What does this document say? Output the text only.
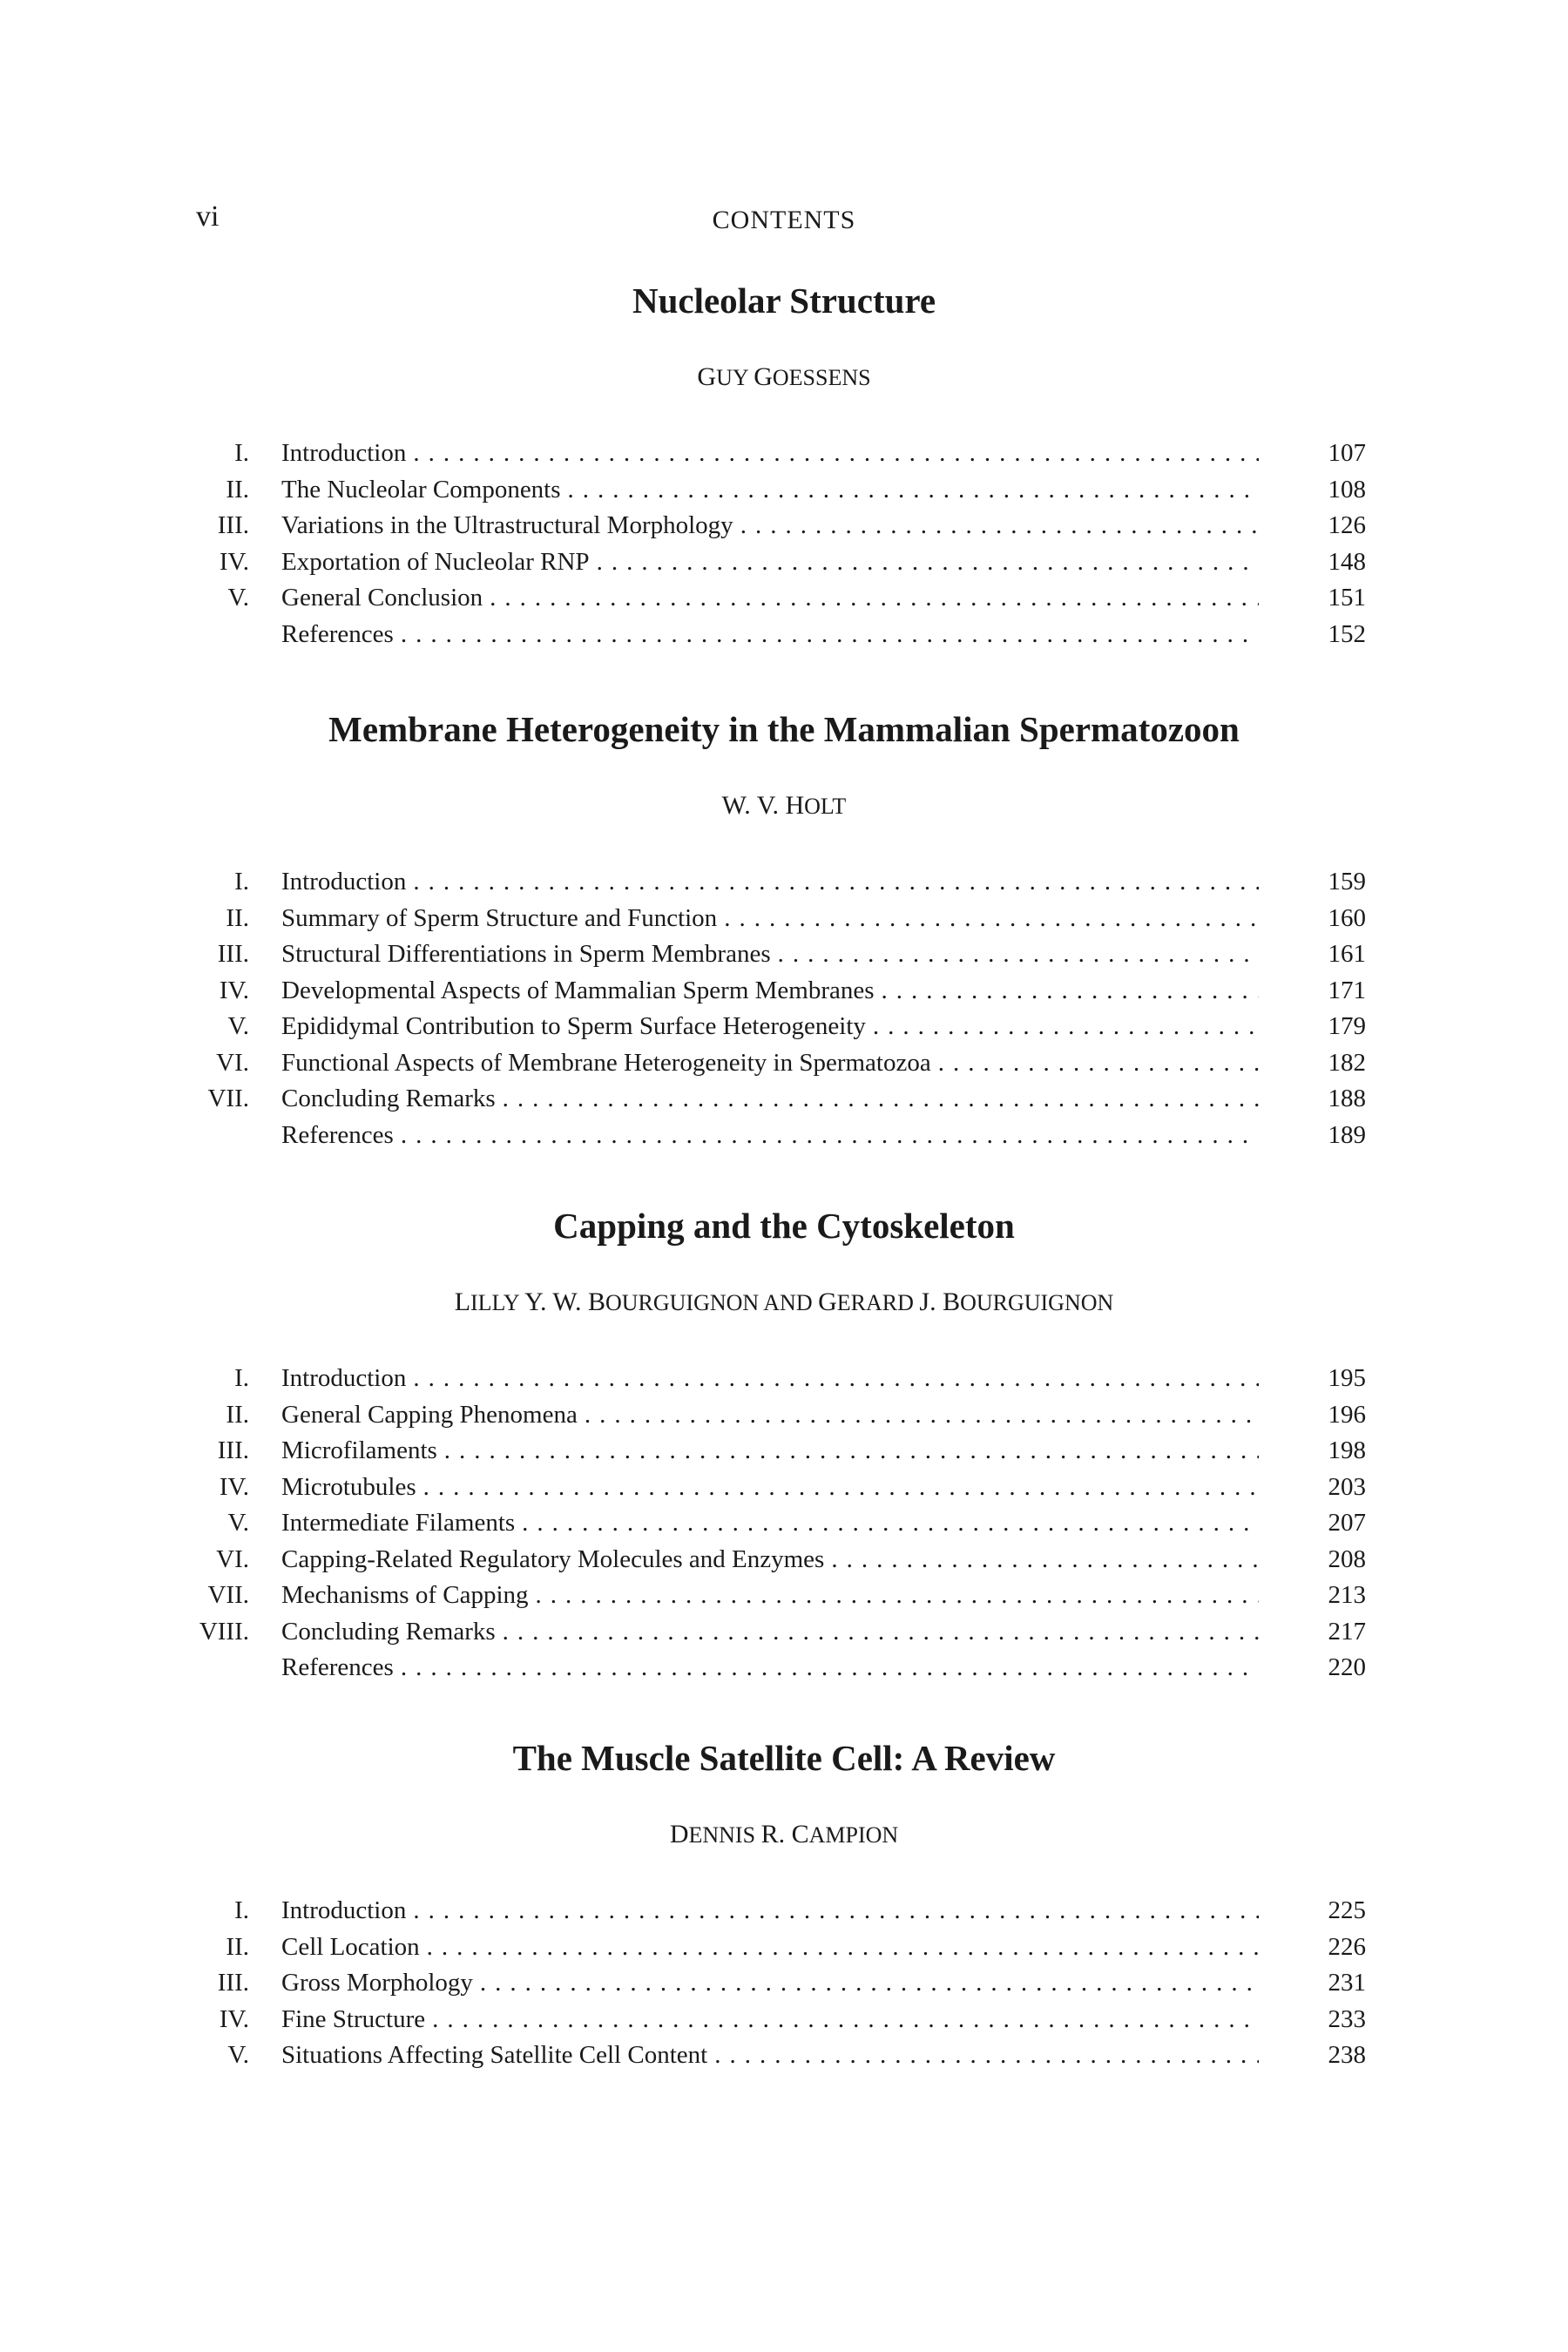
vi	CONTENTS
Nucleolar Structure
GUY GOESSENS
I. Introduction .....	107
II. The Nucleolar Components .....	108
III. Variations in the Ultrastructural Morphology .....	126
IV. Exportation of Nucleolar RNP .....	148
V. General Conclusion .....	151
References .....	152
Membrane Heterogeneity in the Mammalian Spermatozoon
W. V. HOLT
I. Introduction .....	159
II. Summary of Sperm Structure and Function .....	160
III. Structural Differentiations in Sperm Membranes .....	161
IV. Developmental Aspects of Mammalian Sperm Membranes .....	171
V. Epididymal Contribution to Sperm Surface Heterogeneity .....	179
VI. Functional Aspects of Membrane Heterogeneity in Spermatozoa .....	182
VII. Concluding Remarks .....	188
References .....	189
Capping and the Cytoskeleton
LILLY Y. W. BOURGUIGNON AND GERARD J. BOURGUIGNON
I. Introduction .....	195
II. General Capping Phenomena .....	196
III. Microfilaments .....	198
IV. Microtubules .....	203
V. Intermediate Filaments .....	207
VI. Capping-Related Regulatory Molecules and Enzymes .....	208
VII. Mechanisms of Capping .....	213
VIII. Concluding Remarks .....	217
References .....	220
The Muscle Satellite Cell: A Review
DENNIS R. CAMPION
I. Introduction .....	225
II. Cell Location .....	226
III. Gross Morphology .....	231
IV. Fine Structure .....	233
V. Situations Affecting Satellite Cell Content .....	238
